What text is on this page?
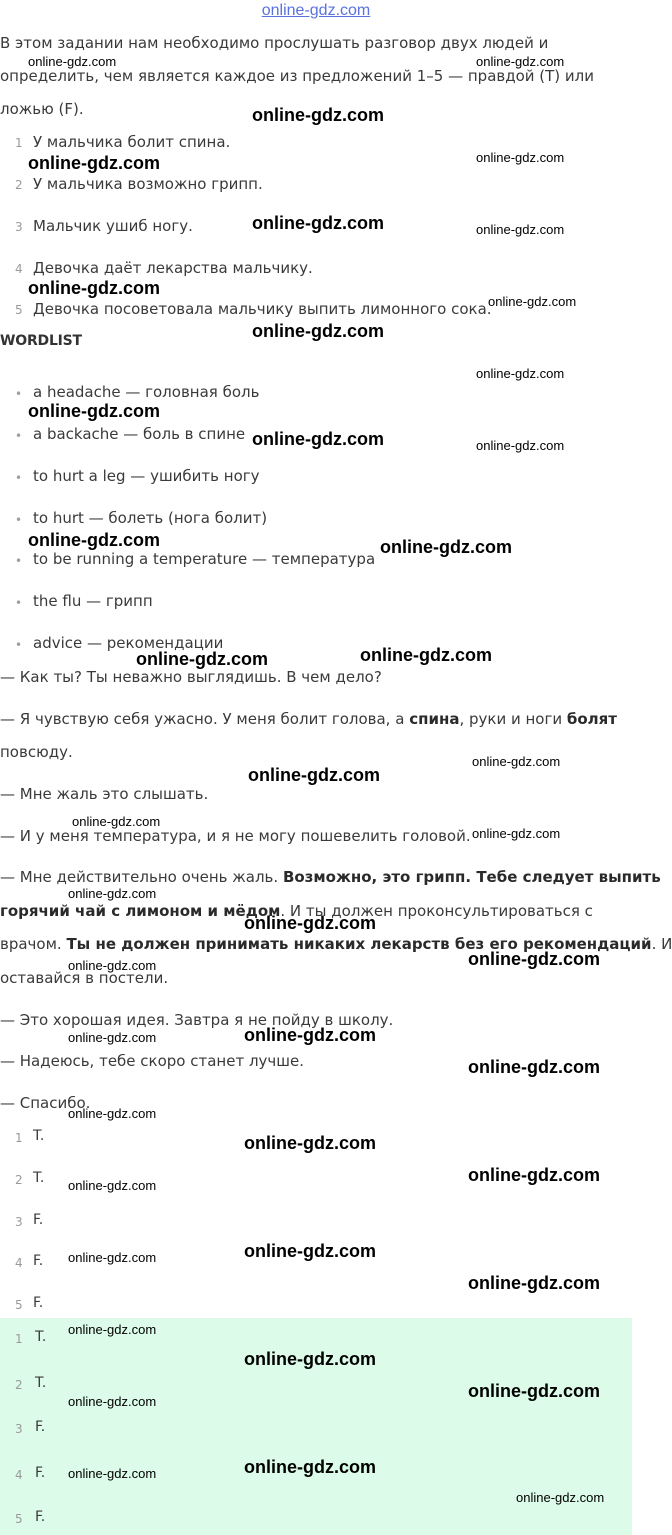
online-gdz.com
В этом задании нам необходимо прослушать разговор двух людей и
определить, чем является каждое из предложений 1–5 — правдой (T) или
ложью (F).
1 У мальчика болит спина.
2 У мальчика возможно грипп.
3 Мальчик ушиб ногу.
4 Девочка даёт лекарства мальчику.
5 Девочка посоветовала мальчику выпить лимонного сока.
WORDLIST
• a headache — головная боль
• a backache — боль в спине
• to hurt a leg — ушибить ногу
• to hurt — болеть (нога болит)
• to be running a temperature — температура
• the flu — грипп
• advice — рекомендации
— Как ты? Ты неважно выглядишь. В чем дело?
— Я чувствую себя ужасно. У меня болит голова, а спина, руки и ноги болят
повсюду.
— Мне жаль это слышать.
— И у меня температура, и я не могу пошевелить головой.
— Мне действительно очень жаль. Возможно, это грипп. Тебе следует выпить
горячий чай с лимоном и мёдом. И ты должен проконсультироваться с
врачом. Ты не должен принимать никаких лекарств без его рекомендаций. И
оставайся в постели.
— Это хорошая идея. Завтра я не пойду в школу.
— Надеюсь, тебе скоро станет лучше.
— Спасибо.
1 T.
2 T.
3 F.
4 F.
5 F.
1 T.
2 T.
3 F.
4 F.
5 F.
online-gdz.com	online-gdz.com
online-gdz.com
online-gdz.com	online-gdz.com
online-gdz.com	online-gdz.com
online-gdz.com
online-gdz.com
online-gdz.com
online-gdz.com
online-gdz.com
online-gdz.com	online-gdz.com
online-gdz.com	online-gdz.com
online-gdz.com
online-gdz.com
online-gdz.com
online-gdz.com
online-gdz.com
online-gdz.com
online-gdz.com
online-gdz.com
online-gdz.com
online-gdz.com
online-gdz.com
online-gdz.com
online-gdz.com
online-gdz.com
online-gdz.com
online-gdz.com
online-gdz.com
online-gdz.com
online-gdz.com
online-gdz.com
online-gdz.com
online-gdz.com
online-gdz.com
online-gdz.com
online-gdz.com
online-gdz.com
online-gdz.com
